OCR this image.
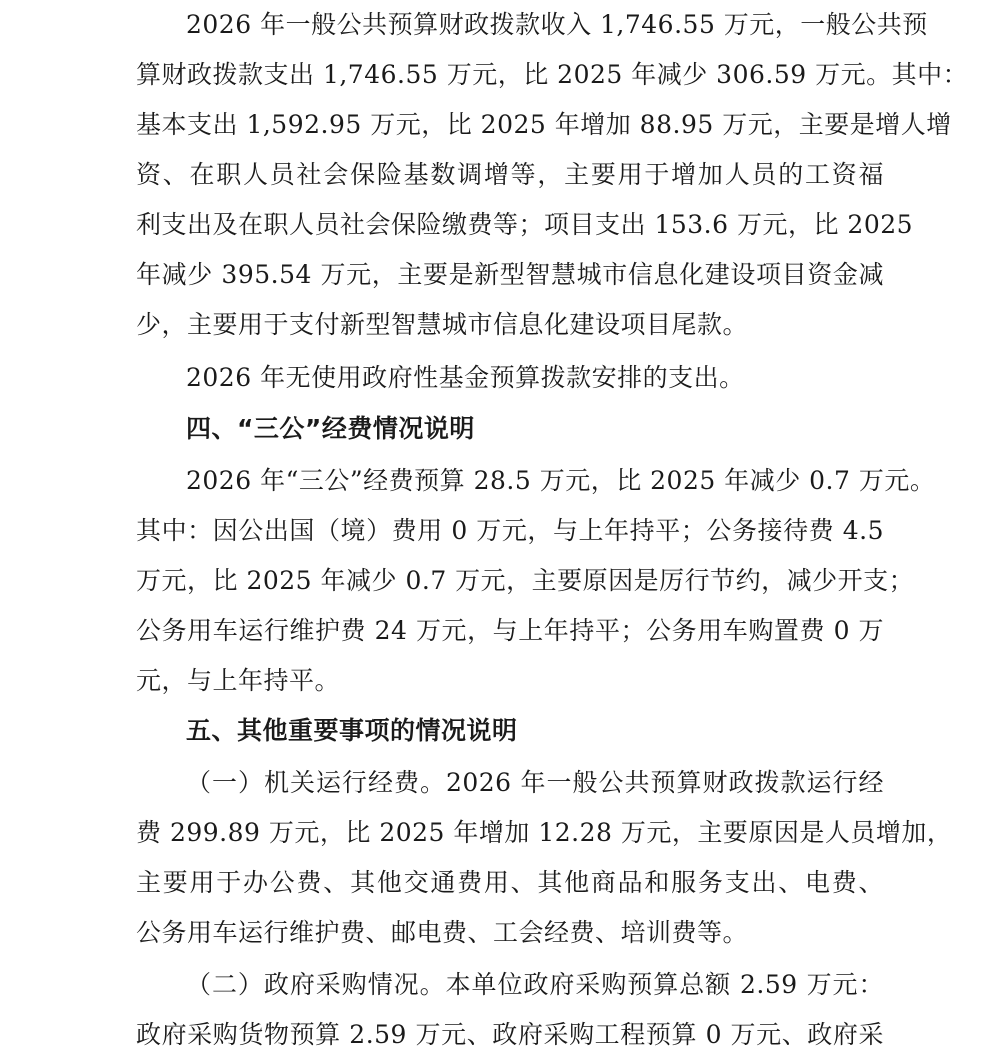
2026 年一般公共预算财政拨款收入 1,746.55 万元，一般公共预
算财政拨款支出 1,746.55 万元，比 2025 年减少 306.59 万元。其中：
基本支出 1,592.95 万元，比 2025 年增加 88.95 万元，主要是增人增
资、在职人员社会保险基数调增等，主要用于增加人员的工资福
利支出及在职人员社会保险缴费等；项目支出 153.6 万元，比 2025
年减少 395.54 万元，主要是新型智慧城市信息化建设项目资金减
少，主要用于支付新型智慧城市信息化建设项目尾款。
2026 年无使用政府性基金预算拨款安排的支出。
四、“三公”经费情况说明
2026 年“三公”经费预算 28.5 万元，比 2025 年减少 0.7 万元。
其中：因公出国（境）费用 0 万元，与上年持平；公务接待费 4.5
万元，比 2025 年减少 0.7 万元，主要原因是厉行节约，减少开支；
公务用车运行维护费 24 万元，与上年持平；公务用车购置费 0 万
元，与上年持平。
五、其他重要事项的情况说明
（一）机关运行经费。2026 年一般公共预算财政拨款运行经
费 299.89 万元，比 2025 年增加 12.28 万元，主要原因是人员增加，
主要用于办公费、其他交通费用、其他商品和服务支出、电费、
公务用车运行维护费、邮电费、工会经费、培训费等。
（二）政府采购情况。本单位政府采购预算总额 2.59 万元：
政府采购货物预算 2.59 万元、政府采购工程预算 0 万元、政府采
